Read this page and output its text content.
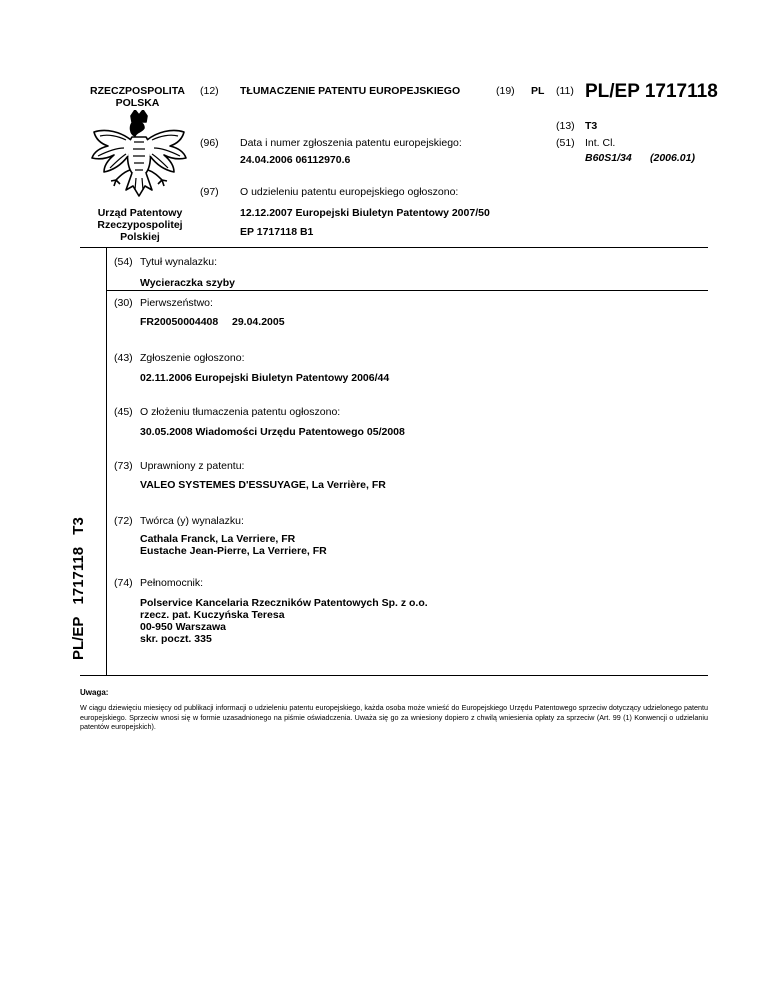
RZECZPOSPOLITA
POLSKA
(12) TŁUMACZENIE PATENTU EUROPEJSKIEGO	(19) PL (11) PL/EP 1717118
(13) T3
Urząd Patentowy
Rzeczypospolitej
Polskiej
(96) Data i numer zgłoszenia patentu europejskiego:
24.04.2006 06112970.6
(51) Int. Cl.
B60S1/34 (2006.01)
(97) O udzieleniu patentu europejskiego ogłoszono:
12.12.2007 Europejski Biuletyn Patentowy 2007/50
EP 1717118 B1
PL/EP 1717118 T3
(54) Tytuł wynalazku:
Wycieraczka szyby
(30) Pierwszeństwo:
FR20050004408 29.04.2005
(43) Zgłoszenie ogłoszono:
02.11.2006 Europejski Biuletyn Patentowy 2006/44
(45) O złożeniu tłumaczenia patentu ogłoszono:
30.05.2008 Wiadomości Urzędu Patentowego 05/2008
(73) Uprawniony z patentu:
VALEO SYSTEMES D'ESSUYAGE, La Verrière, FR
(72) Twórca (y) wynalazku:
Cathala Franck, La Verriere, FR
Eustache Jean-Pierre, La Verriere, FR
(74) Pełnomocnik:
Polservice Kancelaria Rzeczników Patentowych Sp. z o.o.
rzecz. pat. Kuczyńska Teresa
00-950 Warszawa
skr. poczt. 335
Uwaga:
W ciągu dziewięciu miesięcy od publikacji informacji o udzieleniu patentu europejskiego, każda osoba może wnieść do Europejskiego Urzędu Patentowego sprzeciw dotyczący udzielonego patentu europejskiego. Sprzeciw wnosi się w formie uzasadnionego na piśmie oświadczenia. Uważa się go za wniesiony dopiero z chwilą wniesienia opłaty za sprzeciw (Art. 99 (1) Konwencji o udzielaniu patentów europejskich).
